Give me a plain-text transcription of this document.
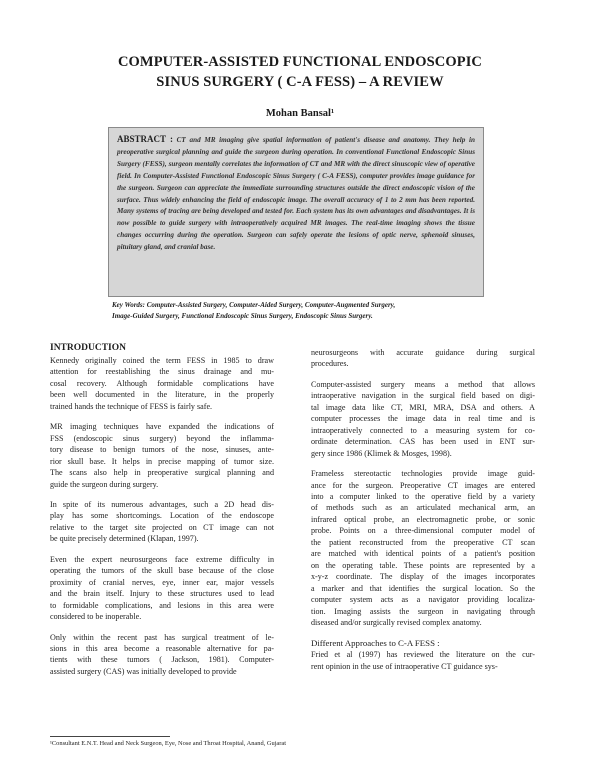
COMPUTER-ASSISTED FUNCTIONAL ENDOSCOPIC
SINUS SURGERY ( C-A FESS) – A REVIEW
Mohan Bansal¹
ABSTRACT : CT and MR imaging give spatial information of patient's disease and anatomy. They help in preoperative surgical planning and guide the surgeon during operation. In conventional Functional Endoscopic Sinus Surgery (FESS), surgeon mentally correlates the information of CT and MR with the direct sinuscopic view of operative field. In Computer-Assisted Functional Endoscopic Sinus Surgery ( C-A FESS), computer provides image guidance for the surgeon. Surgeon can appreciate the immediate surrounding structures outside the direct endoscopic vision of the surface. Thus widely enhancing the field of endoscopic image. The overall accuracy of 1 to 2 mm has been reported. Many systems of tracing are being developed and tested for. Each system has its own advantages and disadvantages. It is now possible to guide surgery with intraoperatively acquired MR images. The real-time imaging shows the tissue changes occurring during the operation. Surgeon can safely operate the lesions of optic nerve, sphenoid sinuses, pituitary gland, and cranial base.
Key Words: Computer-Assisted Surgery, Computer-Aided Surgery, Computer-Augmented Surgery,
Image-Guided Surgery, Functional Endoscopic Sinus Surgery, Endoscopic Sinus Surgery.
INTRODUCTION

Kennedy originally coined the term FESS in 1985 to draw
attention for reestablishing the sinus drainage and mu-
cosal recovery. Although formidable complications have
been well documented in the literature, in the properly
trained hands the technique of FESS is fairly safe.

MR imaging techniques have expanded the indications of
FSS (endoscopic sinus surgery) beyond the inflamma-
tory disease to benign tumors of the nose, sinuses, ante-
rior skull base. It helps in precise mapping of tumor size.
The scans also help in preoperative surgical planning and
guide the surgeon during surgery.

In spite of its numerous advantages, such a 2D head dis-
play has some shortcomings. Location of the endoscope
relative to the target site projected on CT image can not
be quite precisely determined (Klapan, 1997).

Even the expert neurosurgeons face extreme difficulty in
operating the tumors of the skull base because of the close
proximity of cranial nerves, eye, inner ear, major vessels
and the brain itself. Injury to these structures used to lead
to formidable complications, and lesions in this area were
considered to be inoperable.

Only within the recent past has surgical treatment of le-
sions in this area become a reasonable alternative for pa-
tients with these tumors ( Jackson, 1981). Computer-
assisted surgery (CAS) was initially developed to provide

neurosurgeons with accurate guidance during surgical
procedures.

Computer-assisted surgery means a method that allows
intraoperative navigation in the surgical field based on digi-
tal image data like CT, MRI, MRA, DSA and others. A
computer processes the image data in real time and is
intraoperatively connected to a measuring system for co-
ordinate determination. CAS has been used in ENT sur-
gery since 1986 (Klimek & Mosges, 1998).

Frameless stereotactic technologies provide image guid-
ance for the surgeon. Preoperative CT images are entered
into a computer linked to the operative field by a variety
of methods such as an articulated mechanical arm, an
infrared optical probe, an electromagnetic probe, or sonic
probe. Points on a three-dimensional computer model of
the patient reconstructed from the preoperative CT scan
are matched with identical points of a patient's position
on the operating table. These points are represented by a
x-y-z coordinate. The display of the images incorporates
a marker and that identifies the surgical location. So the
computer system acts as a navigator providing localiza-
tion. Imaging assists the surgeon in navigating through
diseased and/or surgically revised complex anatomy.

Different Approaches to C-A FESS :

Fried et al (1997) has reviewed the literature on the cur-
rent opinion in the use of intraoperative CT guidance sys-

¹Consultant E.N.T. Head and Neck Surgeon, Eye, Nose and Throat Hospital, Anand, Gujarat
